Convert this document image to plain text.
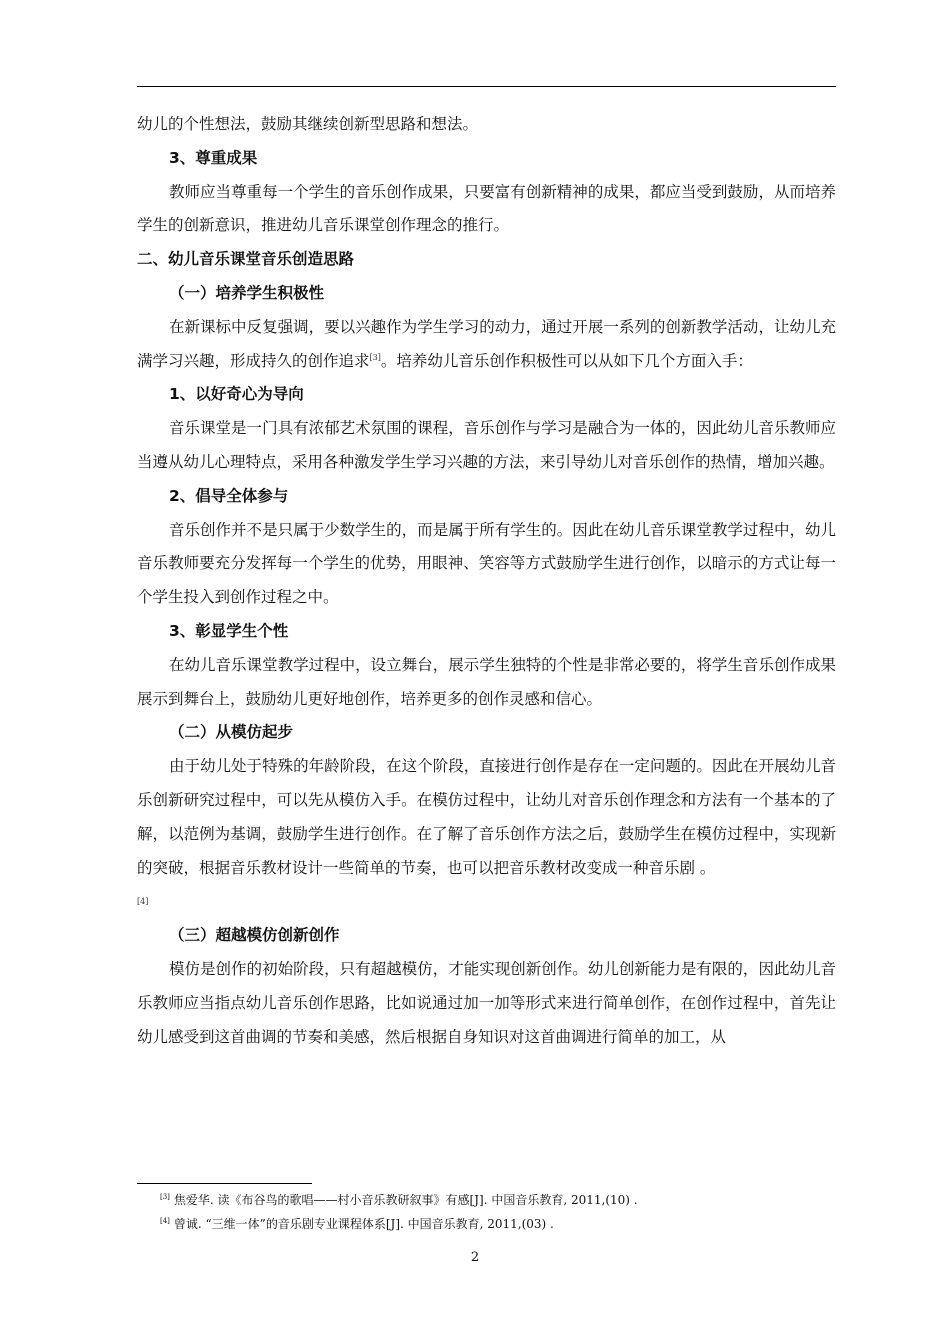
幼儿的个性想法，鼓励其继续创新型思路和想法。

3、尊重成果

教师应当尊重每一个学生的音乐创作成果，只要富有创新精神的成果，都应当受到鼓励，从而培养学生的创新意识，推进幼儿音乐课堂创作理念的推行。

二、幼儿音乐课堂音乐创造思路

（一）培养学生积极性

在新课标中反复强调，要以兴趣作为学生学习的动力，通过开展一系列的创新教学活动，让幼儿充满学习兴趣，形成持久的创作追求[3]。培养幼儿音乐创作积极性可以从如下几个方面入手：

1、以好奇心为导向

音乐课堂是一门具有浓郁艺术氛围的课程，音乐创作与学习是融合为一体的，因此幼儿音乐教师应当遵从幼儿心理特点，采用各种激发学生学习兴趣的方法，来引导幼儿对音乐创作的热情，增加兴趣。

2、倡导全体参与

音乐创作并不是只属于少数学生的，而是属于所有学生的。因此在幼儿音乐课堂教学过程中，幼儿音乐教师要充分发挥每一个学生的优势，用眼神、笑容等方式鼓励学生进行创作，以暗示的方式让每一个学生投入到创作过程之中。

3、彰显学生个性

在幼儿音乐课堂教学过程中，设立舞台，展示学生独特的个性是非常必要的，将学生音乐创作成果展示到舞台上，鼓励幼儿更好地创作，培养更多的创作灵感和信心。

（二）从模仿起步

由于幼儿处于特殊的年龄阶段，在这个阶段，直接进行创作是存在一定问题的。因此在开展幼儿音乐创新研究过程中，可以先从模仿入手。在模仿过程中，让幼儿对音乐创作理念和方法有一个基本的了解，以范例为基调，鼓励学生进行创作。在了解了音乐创作方法之后，鼓励学生在模仿过程中，实现新的突破，根据音乐教材设计一些简单的节奏，也可以把音乐教材改变成一种音乐剧 。

[4]

（三）超越模仿创新创作

模仿是创作的初始阶段，只有超越模仿，才能实现创新创作。幼儿创新能力是有限的，因此幼儿音乐教师应当指点幼儿音乐创作思路，比如说通过加一加等形式来进行简单创作，在创作过程中，首先让幼儿感受到这首曲调的节奏和美感，然后根据自身知识对这首曲调进行简单的加工，从

[3] 焦爱华. 读《布谷鸟的歌唱——村小音乐教研叙事》有感[J]. 中国音乐教育, 2011,(10) .

[4] 曾诚. “三维一体”的音乐剧专业课程体系[J]. 中国音乐教育, 2011,(03) .

2
